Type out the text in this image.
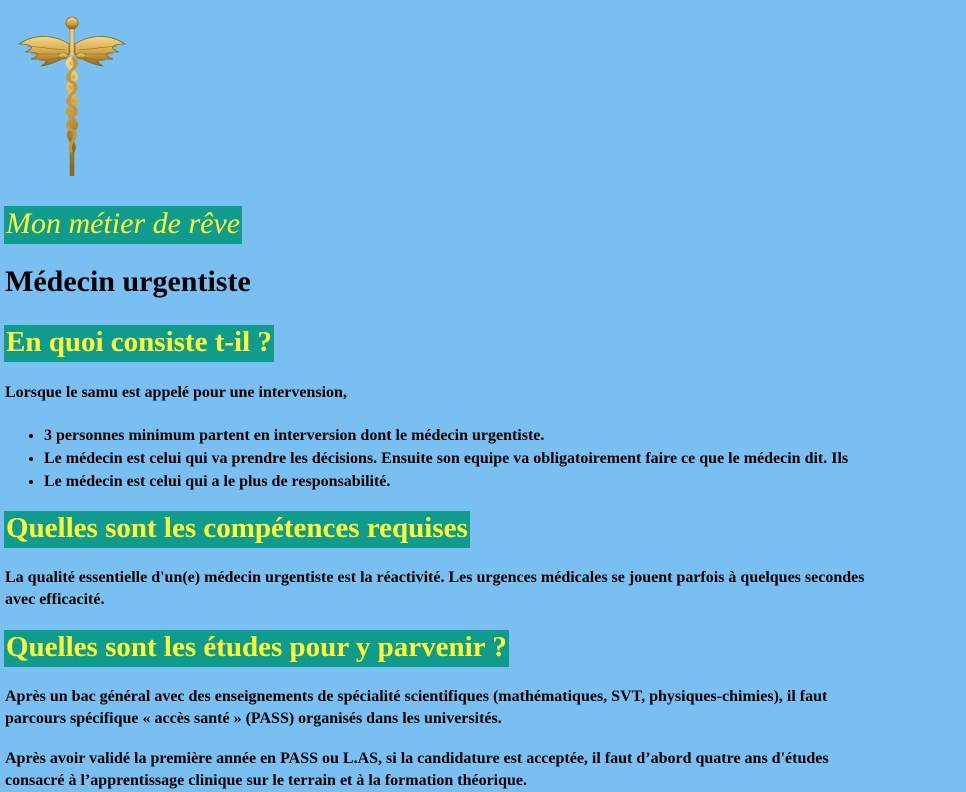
Mon métier de rêve
Médecin urgentiste
En quoi consiste t-il ?
Lorsque le samu est appelé pour une intervension,
• 3 personnes minimum partent en interversion dont le médecin urgentiste.
• Le médecin est celui qui va prendre les décisions. Ensuite son equipe va obligatoirement faire ce que le médecin dit. Ils
• Le médecin est celui qui a le plus de responsabilité.
Quelles sont les compétences requises
La qualité essentielle d'un(e) médecin urgentiste est la réactivité. Les urgences médicales se jouent parfois à quelques secondes
avec efficacité.
Quelles sont les études pour y parvenir ?
Après un bac général avec des enseignements de spécialité scientifiques (mathématiques, SVT, physiques-chimies), il faut
parcours spécifique « accès santé » (PASS) organisés dans les universités.
Après avoir validé la première année en PASS ou L.AS, si la candidature est acceptée, il faut d’abord quatre ans d'études
consacré à l’apprentissage clinique sur le terrain et à la formation théorique.
